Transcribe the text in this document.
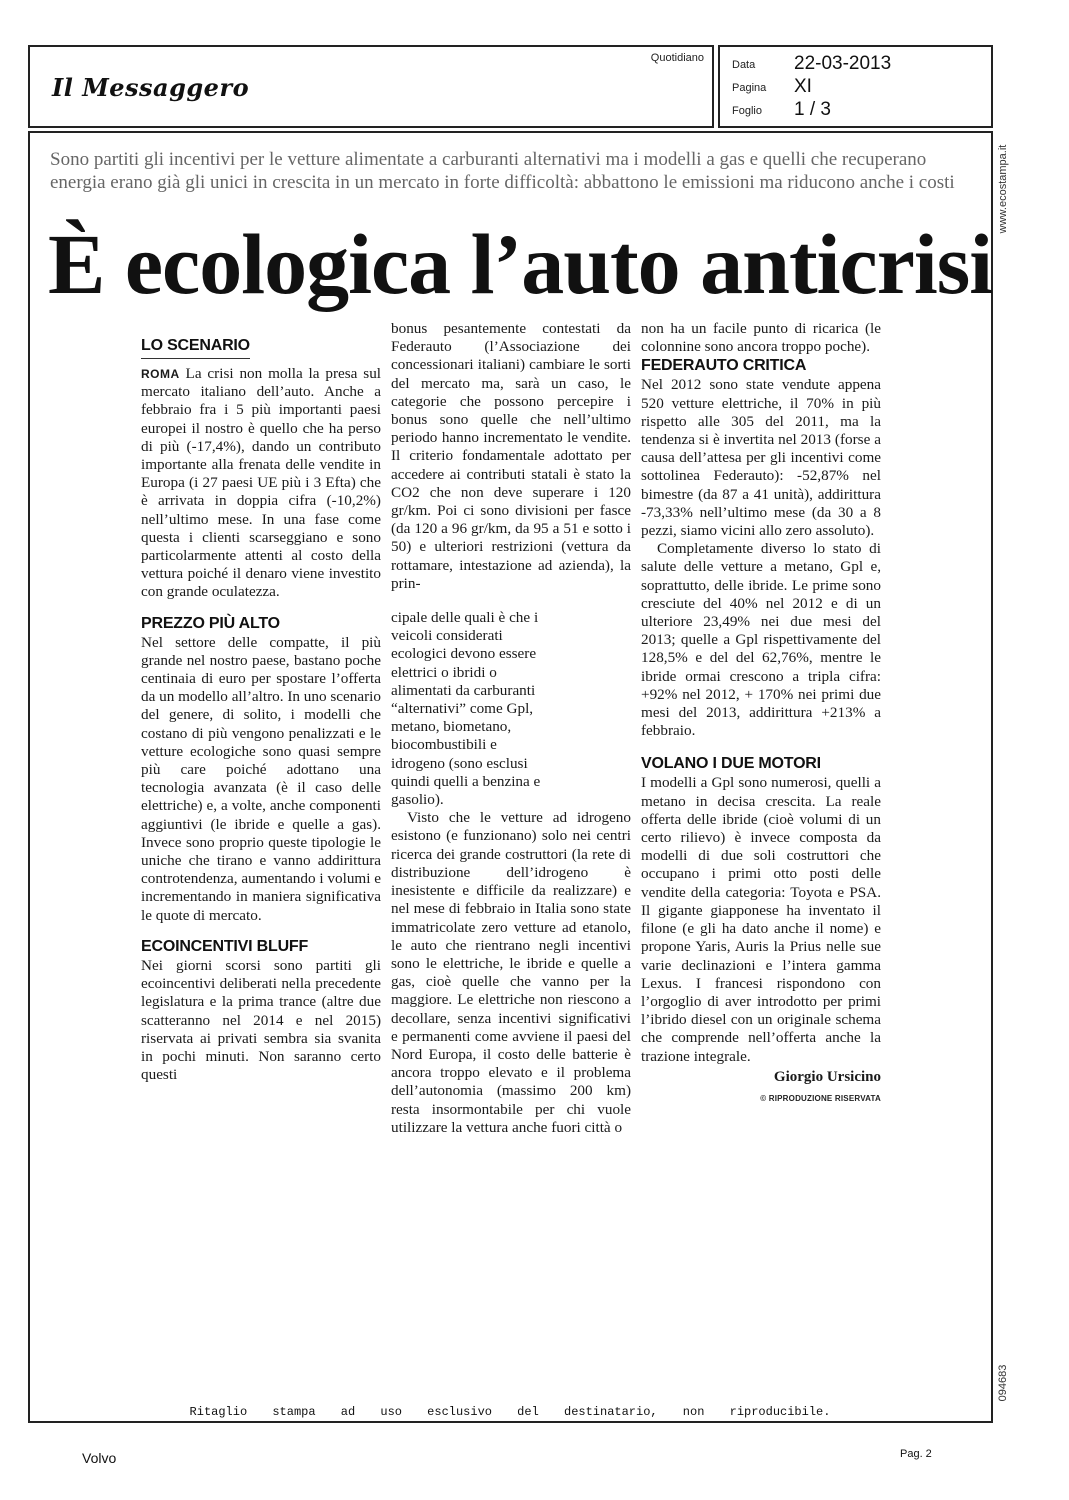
Il Messaggero
Quotidiano
Data	22-03-2013
Pagina	XI
Foglio	1 / 3
Sono partiti gli incentivi per le vetture alimentate a carburanti alternativi ma i modelli a gas e quelli che recuperano energia erano già gli unici in crescita in un mercato in forte difficoltà: abbattono le emissioni ma riducono anche i costi
È ecologica l’auto anticrisi
LO SCENARIO

ROMA La crisi non molla la presa sul mercato italiano dell’auto. Anche a febbraio fra i 5 più importanti paesi europei il nostro è quello che ha perso di più (-17,4%), dando un contributo importante alla frenata delle vendite in Europa (i 27 paesi UE più i 3 Efta) che è arrivata in doppia cifra (-10,2%) nell’ultimo mese. In una fase come questa i clienti scarseggiano e sono particolarmente attenti al costo della vettura poiché il denaro viene investito con grande oculatezza.

PREZZO PIÙ ALTO

Nel settore delle compatte, il più grande nel nostro paese, bastano poche centinaia di euro per spostare l’offerta da un modello all’altro. In uno scenario del genere, di solito, i modelli che costano di più vengono penalizzati e le vetture ecologiche sono quasi sempre più care poiché adottano una tecnologia avanzata (è il caso delle elettriche) e, a volte, anche componenti aggiuntivi (le ibride e quelle a gas). Invece sono proprio queste tipologie le uniche che tirano e vanno addirittura controtendenza, aumentando i volumi e incrementando in maniera significativa le quote di mercato.

ECOINCENTIVI BLUFF

Nei giorni scorsi sono partiti gli ecoincentivi deliberati nella precedente legislatura e la prima trance (altre due scatteranno nel 2014 e nel 2015) riservata ai privati sembra sia svanita in pochi minuti. Non saranno certo questi

bonus pesantemente contestati da Federauto (l’Associazione dei concessionari italiani) cambiare le sorti del mercato ma, sarà un caso, le categorie che possono percepire i bonus sono quelle che nell’ultimo periodo hanno incrementato le vendite. Il criterio fondamentale adottato per accedere ai contributi statali è stato la CO2 che non deve superare i 120 gr/km. Poi ci sono divisioni per fasce (da 120 a 96 gr/km, da 95 a 51 e sotto i 50) e ulteriori restrizioni (vettura da rottamare, intestazione ad azienda), la prin-

cipale delle quali è che i veicoli considerati ecologici devono essere elettrici o ibridi o alimentati da carburanti “alternativi” come Gpl, metano, biometano, biocombustibili e idrogeno (sono esclusi quindi quelli a benzina e gasolio).

Visto che le vetture ad idrogeno esistono (e funzionano) solo nei centri ricerca dei grande costruttori (la rete di distribuzione dell’idrogeno è inesistente e difficile da realizzare) e nel mese di febbraio in Italia sono state immatricolate zero vetture ad etanolo, le auto che rientrano negli incentivi sono le elettriche, le ibride e quelle a gas, cioè quelle che vanno per la maggiore. Le elettriche non riescono a decollare, senza incentivi significativi e permanenti come avviene il paesi del Nord Europa, il costo delle batterie è ancora troppo elevato e il problema dell’autonomia (massimo 200 km) resta insormontabile per chi vuole utilizzare la vettura anche fuori città o

non ha un facile punto di ricarica (le colonnine sono ancora troppo poche).

FEDERAUTO CRITICA

Nel 2012 sono state vendute appena 520 vetture elettriche, il 70% in più rispetto alle 305 del 2011, ma la tendenza si è invertita nel 2013 (forse a causa dell’attesa per gli incentivi come sottolinea Federauto): -52,87% nel bimestre (da 87 a 41 unità), addirittura -73,33% nell’ultimo mese (da 30 a 8 pezzi, siamo vicini allo zero assoluto).

Completamente diverso lo stato di salute delle vetture a metano, Gpl e, soprattutto, delle ibride. Le prime sono cresciute del 40% nel 2012 e di un ulteriore 23,49% nei due mesi del 2013; quelle a Gpl rispettivamente del 128,5% e del del 62,76%, mentre le ibride ormai crescono a tripla cifra: +92% nel 2012, + 170% nei primi due mesi del 2013, addirittura +213% a febbraio.

VOLANO I DUE MOTORI

I modelli a Gpl sono numerosi, quelli a metano in decisa crescita. La reale offerta delle ibride (cioè volumi di un certo rilievo) è invece composta da modelli di due soli costruttori che occupano i primi otto posti delle vendite della categoria: Toyota e PSA. Il gigante giapponese ha inventato il filone (e gli ha dato anche il nome) e propone Yaris, Auris la Prius nelle sue varie declinazioni e l’intera gamma Lexus. I francesi rispondono con l’orgoglio di aver introdotto per primi l’ibrido diesel con un originale schema che comprende nell’offerta anche la trazione integrale.

Giorgio Ursicino
© RIPRODUZIONE RISERVATA
www.ecostampa.it
094683
Ritaglio stampa ad uso esclusivo del destinatario, non riproducibile.
Volvo	Pag. 2
